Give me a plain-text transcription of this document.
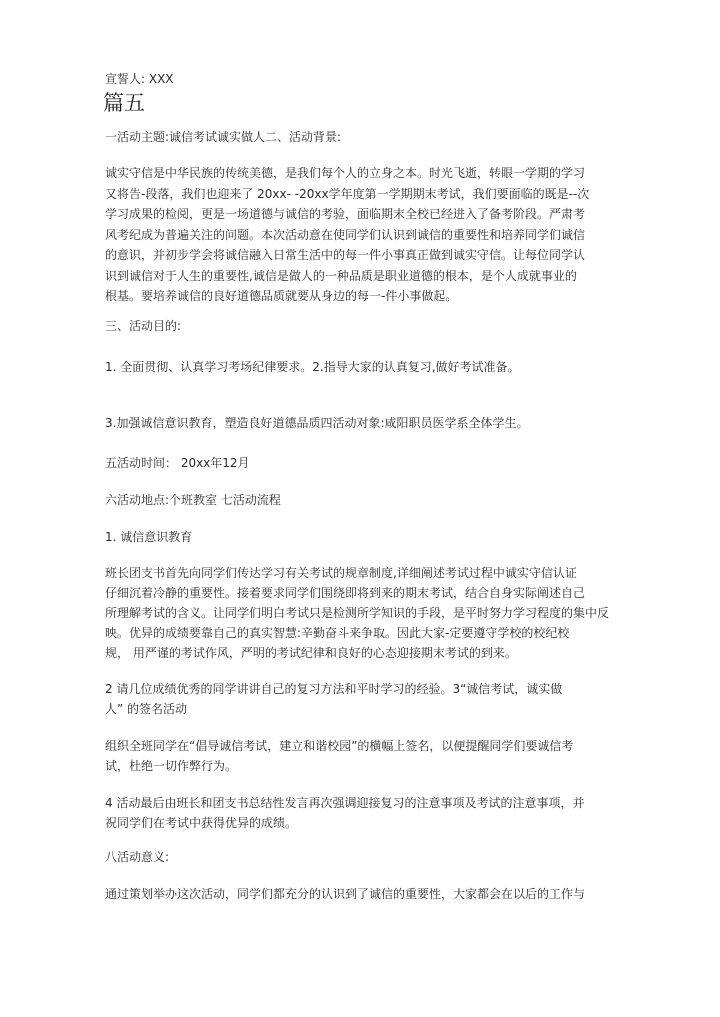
宣誓人: XXX
篇五
一活动主题:诚信考试诚实做人二、活动背景:
诚实守信是中华民族的传统美德，是我们每个人的立身之本。时光飞逝，转眼一学期的学习
又将告-段落，我们也迎来了 20xx- -20xx学年度第一学期期末考试，我们要面临的既是--次
学习成果的检阅，更是一场道德与诚信的考验，面临期末全校已经进入了备考阶段。严肃考
风考纪成为普遍关注的问题。本次活动意在使同学们认识到诚信的重要性和培养同学们诚信
的意识，并初步学会将诚信融入日常生活中的每一件小事真正做到诚实守信。让每位同学认
识到诚信对于人生的重要性,诚信是做人的一种品质是职业道德的根本，是个人成就事业的
根基。要培养诚信的良好道德品质就要从身边的每一-件小事做起。
三、活动目的:
1. 全面贯彻、认真学习考场纪律要求。2.指导大家的认真复习,做好考试准备。
3.加强诚信意识教育，塑造良好道德品质四活动对象:咸阳职员医学系全体学生。
五活动时间： 20xx年12月
六活动地点:个班教室 七活动流程
1. 诚信意识教育
班长团支书首先向同学们传达学习有关考试的规章制度,详细阐述考试过程中诚实守信认证
仔细沉着冷静的重要性。接着要求同学们围绕即将到来的期末考试，结合自身实际阐述自己
所理解考试的含义。让同学们明白考试只是检测所学知识的手段，是平时努力学习程度的集中反
映。优异的成绩要靠自己的真实智慧:辛勤奋斗来争取。因此大家-定要遵守学校的校纪校
规， 用严谨的考试作风，严明的考试纪律和良好的心态迎接期末考试的到来。
2 请几位成绩优秀的同学讲讲自己的复习方法和平时学习的经验。3“诚信考试，诚实做
人” 的签名活动
组织全班同学在“倡导诚信考试，建立和谐校园”的横幅上签名，以便提醒同学们要诚信考
试，杜绝一切作弊行为。
4 活动最后由班长和团支书总结性发言再次强调迎接复习的注意事项及考试的注意事项，并
祝同学们在考试中获得优异的成绩。
八活动意义:
通过策划举办这次活动，同学们都充分的认识到了诚信的重要性，大家都会在以后的工作与
